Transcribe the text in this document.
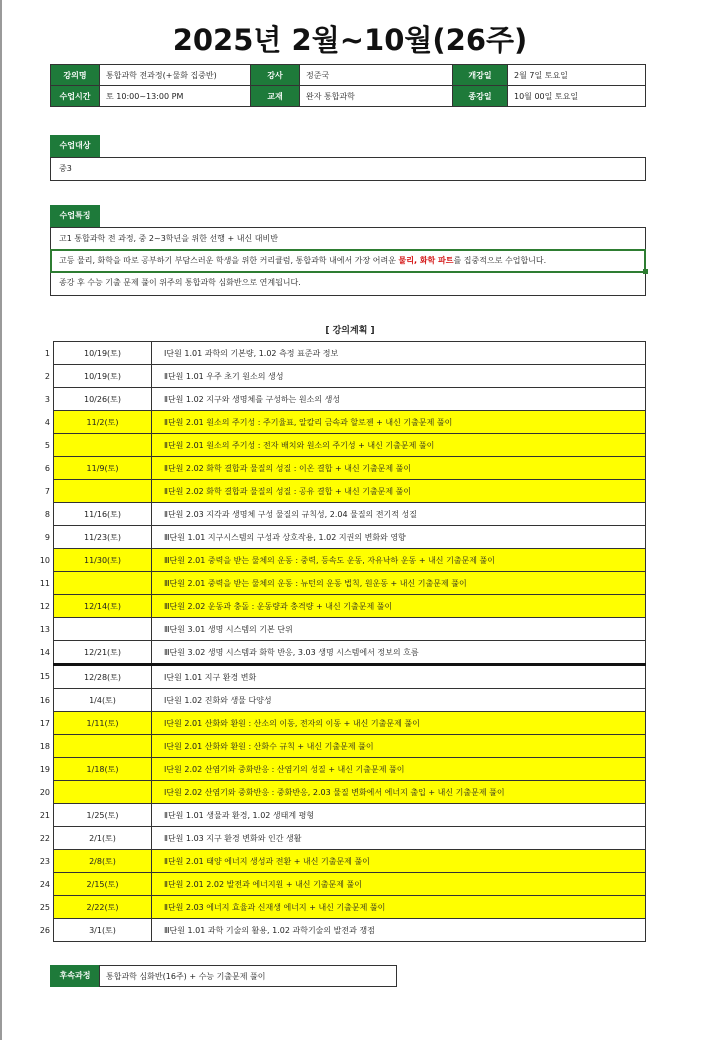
2025년 2월~10월(26주)
강의명	통합과학 전과정(+물화 집중반)	강사	정준국	개강일	2월 7일 토요일
수업시간	토 10:00~13:00 PM	교재	완자 통합과학	종강일	10월 00일 토요일
수업대상
중3
수업특징
고1 통합과학 전 과정, 중 2~3학년을 위한 선행 + 내신 대비반
고등 물리, 화학을 따로 공부하기 부담스러운 학생을 위한 커리큘럼, 통합과학 내에서 가장 어려운 물리, 화학 파트를 집중적으로 수업합니다.
종강 후 수능 기출 문제 풀이 위주의 통합과학 심화반으로 연계됩니다.
[ 강의계획 ]
1	10/19(토)	Ⅰ단원 1.01 과학의 기본량, 1.02 측정 표준과 정보
2	10/19(토)	Ⅱ단원 1.01 우주 초기 원소의 생성
3	10/26(토)	Ⅱ단원 1.02 지구와 생명체를 구성하는 원소의 생성
4	11/2(토)	Ⅱ단원 2.01 원소의 주기성 : 주기율표, 알칼리 금속과 할로젠 + 내신 기출문제 풀이
5		Ⅱ단원 2.01 원소의 주기성 : 전자 배치와 원소의 주기성 + 내신 기출문제 풀이
6	11/9(토)	Ⅱ단원 2.02 화학 결합과 물질의 성질 : 이온 결합 + 내신 기출문제 풀이
7		Ⅱ단원 2.02 화학 결합과 물질의 성질 : 공유 결합 + 내신 기출문제 풀이
8	11/16(토)	Ⅱ단원 2.03 지각과 생명체 구성 물질의 규칙성, 2.04 물질의 전기적 성질
9	11/23(토)	Ⅲ단원 1.01 지구시스템의 구성과 상호작용, 1.02 지권의 변화와 영향
10	11/30(토)	Ⅲ단원 2.01 중력을 받는 물체의 운동 : 중력, 등속도 운동, 자유낙하 운동 + 내신 기출문제 풀이
11		Ⅲ단원 2.01 중력을 받는 물체의 운동 : 뉴턴의 운동 법칙, 원운동 + 내신 기출문제 풀이
12	12/14(토)	Ⅲ단원 2.02 운동과 충돌 : 운동량과 충격량 + 내신 기출문제 풀이
13		Ⅲ단원 3.01 생명 시스템의 기본 단위
14	12/21(토)	Ⅲ단원 3.02 생명 시스템과 화학 반응, 3.03 생명 시스템에서 정보의 흐름
15	12/28(토)	Ⅰ단원 1.01 지구 환경 변화
16	1/4(토)	Ⅰ단원 1.02 진화와 생물 다양성
17	1/11(토)	Ⅰ단원 2.01 산화와 환원 : 산소의 이동, 전자의 이동 + 내신 기출문제 풀이
18		Ⅰ단원 2.01 산화와 환원 : 산화수 규칙 + 내신 기출문제 풀이
19	1/18(토)	Ⅰ단원 2.02 산염기와 중화반응 : 산염기의 성질 + 내신 기출문제 풀이
20		Ⅰ단원 2.02 산염기와 중화반응 : 중화반응, 2.03 물질 변화에서 에너지 출입 + 내신 기출문제 풀이
21	1/25(토)	Ⅱ단원 1.01 생물과 환경, 1.02 생태계 평형
22	2/1(토)	Ⅱ단원 1.03 지구 환경 변화와 인간 생활
23	2/8(토)	Ⅱ단원 2.01 태양 에너지 생성과 전환 + 내신 기출문제 풀이
24	2/15(토)	Ⅱ단원 2.01 2.02 발전과 에너지원 + 내신 기출문제 풀이
25	2/22(토)	Ⅱ단원 2.03 에너지 효율과 신재생 에너지 + 내신 기출문제 풀이
26	3/1(토)	Ⅲ단원 1.01 과학 기술의 활용, 1.02 과학기술의 발전과 쟁점
후속과정	통합과학 심화반(16주) + 수능 기출문제 풀이
